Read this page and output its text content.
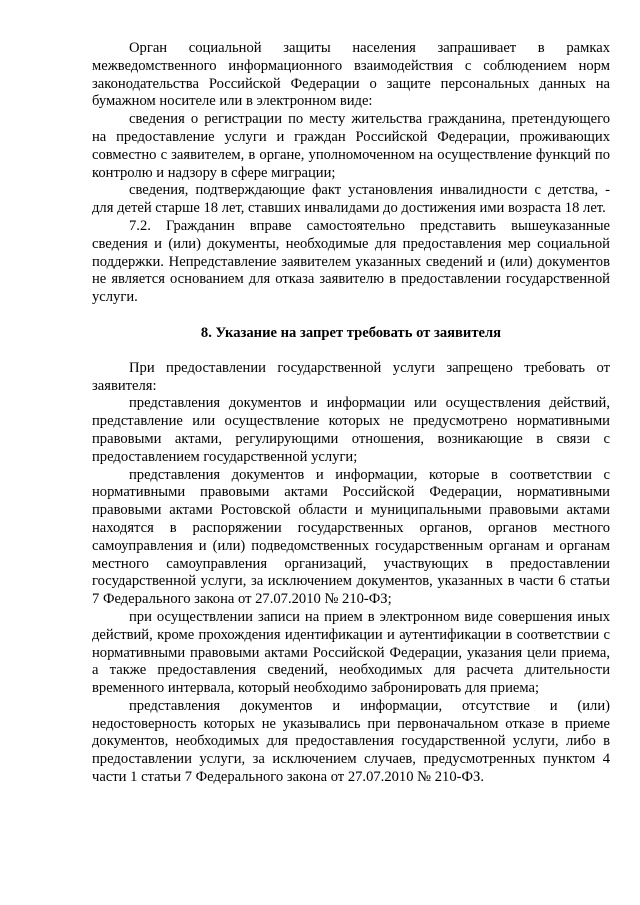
Орган социальной защиты населения запрашивает в рамках межведомственного информационного взаимодействия с соблюдением норм законодательства Российской Федерации о защите персональных данных на бумажном носителе или в электронном виде:

сведения о регистрации по месту жительства гражданина, претендующего на предоставление услуги и граждан Российской Федерации, проживающих совместно с заявителем, в органе, уполномоченном на осуществление функций по контролю и надзору в сфере миграции;

сведения, подтверждающие факт установления инвалидности с детства, - для детей старше 18 лет, ставших инвалидами до достижения ими возраста 18 лет.

7.2. Гражданин вправе самостоятельно представить вышеуказанные сведения и (или) документы, необходимые для предоставления мер социальной поддержки. Непредставление заявителем указанных сведений и (или) документов не является основанием для отказа заявителю в предоставлении государственной услуги.

8. Указание на запрет требовать от заявителя

При предоставлении государственной услуги запрещено требовать от заявителя:

представления документов и информации или осуществления действий, представление или осуществление которых не предусмотрено нормативными правовыми актами, регулирующими отношения, возникающие в связи с предоставлением государственной услуги;

представления документов и информации, которые в соответствии с нормативными правовыми актами Российской Федерации, нормативными правовыми актами Ростовской области и муниципальными правовыми актами находятся в распоряжении государственных органов, органов местного самоуправления и (или) подведомственных государственным органам и органам местного самоуправления организаций, участвующих в предоставлении государственной услуги, за исключением документов, указанных в части 6 статьи 7 Федерального закона от 27.07.2010 № 210-ФЗ;

при осуществлении записи на прием в электронном виде совершения иных действий, кроме прохождения идентификации и аутентификации в соответствии с нормативными правовыми актами Российской Федерации, указания цели приема, а также предоставления сведений, необходимых для расчета длительности временного интервала, который необходимо забронировать для приема;

представления документов и информации, отсутствие и (или) недостоверность которых не указывались при первоначальном отказе в приеме документов, необходимых для предоставления государственной услуги, либо в предоставлении услуги, за исключением случаев, предусмотренных пунктом 4 части 1 статьи 7 Федерального закона от 27.07.2010 № 210-ФЗ.
